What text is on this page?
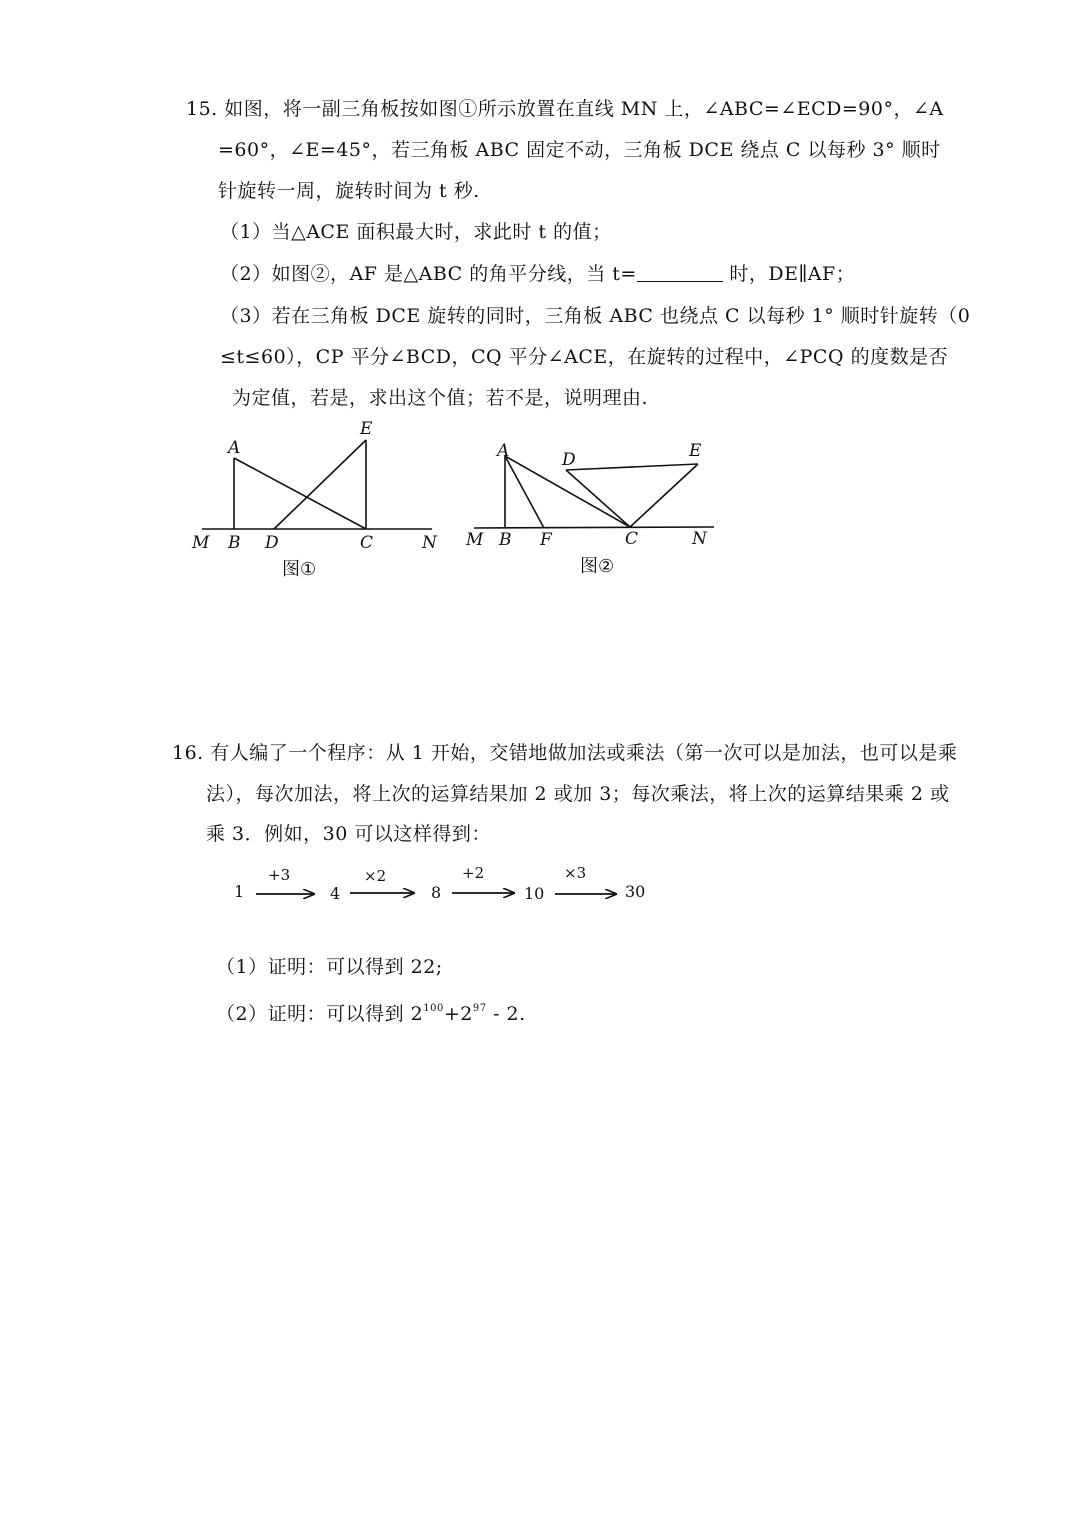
15. 如图，将一副三角板按如图①所示放置在直线 MN 上，∠ABC=∠ECD=90°，∠A
=60°，∠E=45°，若三角板 ABC 固定不动，三角板 DCE 绕点 C 以每秒 3° 顺时
针旋转一周，旋转时间为 t 秒.
（1）当△ACE 面积最大时，求此时 t 的值；
（2）如图②，AF 是△ABC 的角平分线，当 t=	时，DE∥AF；
（3）若在三角板 DCE 旋转的同时，三角板 ABC 也绕点 C 以每秒 1° 顺时针旋转（0
≤t≤60），CP 平分∠BCD，CQ 平分∠ACE，在旋转的过程中，∠PCQ 的度数是否
为定值，若是，求出这个值；若不是，说明理由.
A
E
M B D	C	N
图①
A	D	E
M B F	C	N
图②
16. 有人编了一个程序：从 1 开始，交错地做加法或乘法（第一次可以是加法，也可以是乘
法），每次加法，将上次的运算结果加 2 或加 3；每次乘法，将上次的运算结果乘 2 或
乘 3．例如，30 可以这样得到：
1
+3
4
×2
8
+2
10
×3
30
（1）证明：可以得到 22;
（2）证明：可以得到 $2^{100}+2^{97} - 2$.
